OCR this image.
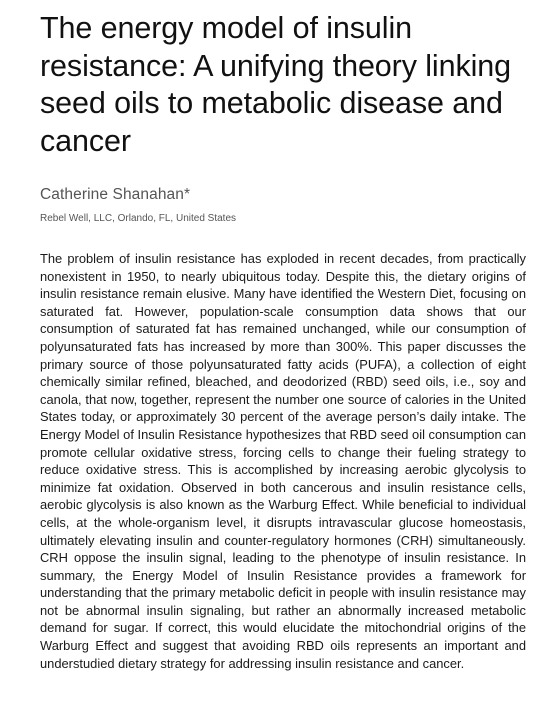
The energy model of insulin resistance: A unifying theory linking seed oils to metabolic disease and cancer
Catherine Shanahan*
Rebel Well, LLC, Orlando, FL, United States

The problem of insulin resistance has exploded in recent decades, from practically nonexistent in 1950, to nearly ubiquitous today. Despite this, the dietary origins of insulin resistance remain elusive. Many have identified the Western Diet, focusing on saturated fat. However, population-scale consumption data shows that our consumption of saturated fat has remained unchanged, while our consumption of polyunsaturated fats has increased by more than 300%. This paper discusses the primary source of those polyunsaturated fatty acids (PUFA), a collection of eight chemically similar refined, bleached, and deodorized (RBD) seed oils, i.e., soy and canola, that now, together, represent the number one source of calories in the United States today, or approximately 30 percent of the average person’s daily intake. The Energy Model of Insulin Resistance hypothesizes that RBD seed oil consumption can promote cellular oxidative stress, forcing cells to change their fueling strategy to reduce oxidative stress. This is accomplished by increasing aerobic glycolysis to minimize fat oxidation. Observed in both cancerous and insulin resistance cells, aerobic glycolysis is also known as the Warburg Effect. While beneficial to individual cells, at the whole-organism level, it disrupts intravascular glucose homeostasis, ultimately elevating insulin and counter-regulatory hormones (CRH) simultaneously. CRH oppose the insulin signal, leading to the phenotype of insulin resistance. In summary, the Energy Model of Insulin Resistance provides a framework for understanding that the primary metabolic deficit in people with insulin resistance may not be abnormal insulin signaling, but rather an abnormally increased metabolic demand for sugar. If correct, this would elucidate the mitochondrial origins of the Warburg Effect and suggest that avoiding RBD oils represents an important and understudied dietary strategy for addressing insulin resistance and cancer.
